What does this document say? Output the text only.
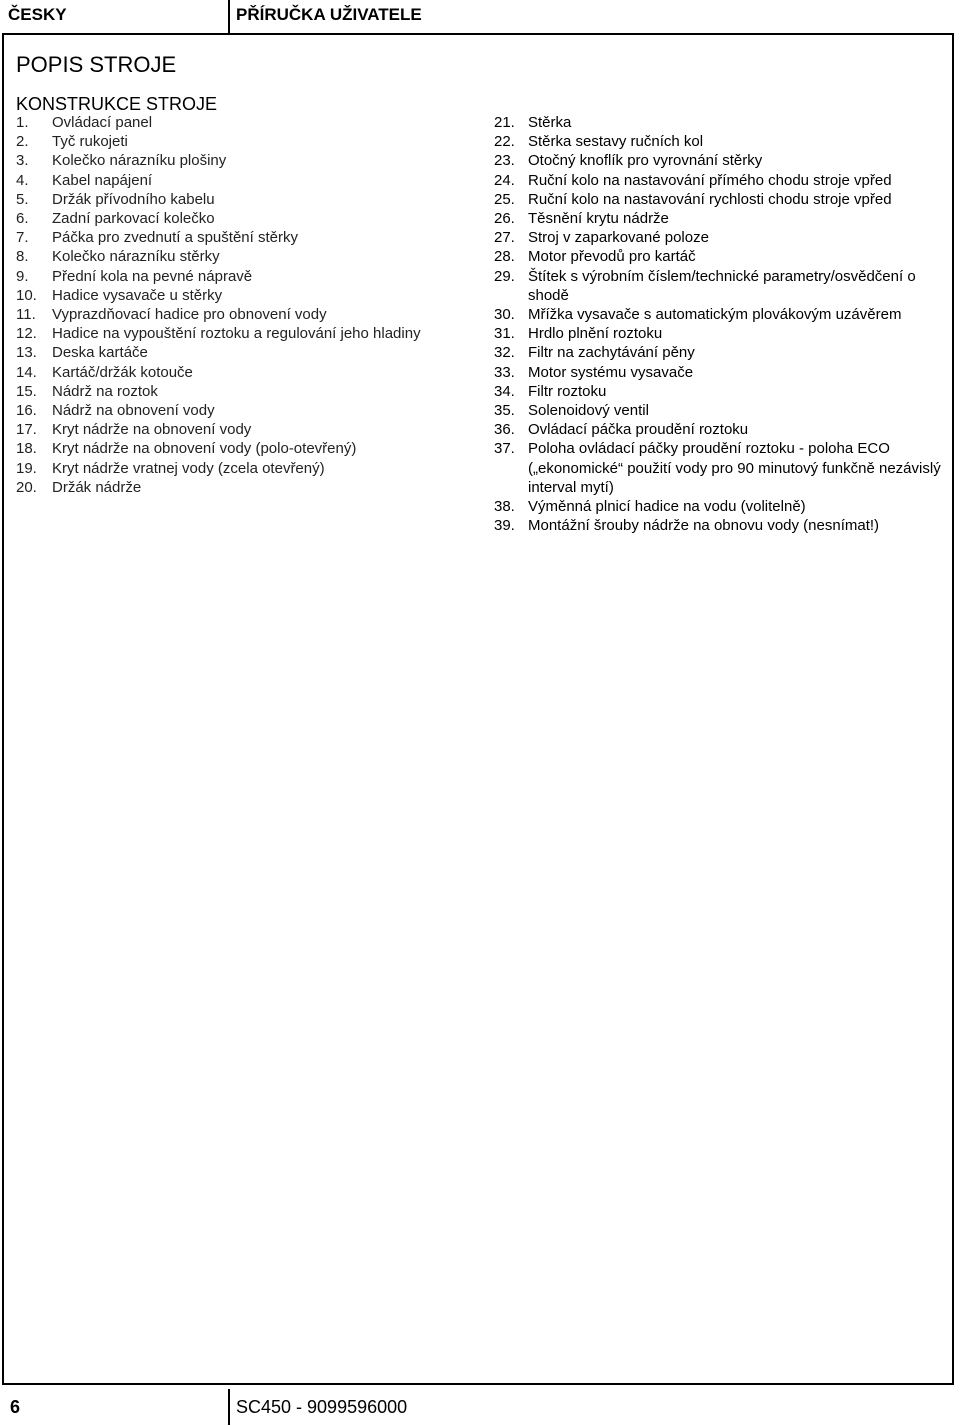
ČESKY	PŘÍRUČKA UŽIVATELE
POPIS STROJE
KONSTRUKCE STROJE
1. Ovládací panel
2. Tyč rukojeti
3. Kolečko nárazníku plošiny
4. Kabel napájení
5. Držák přívodního kabelu
6. Zadní parkovací kolečko
7. Páčka pro zvednutí a spuštění stěrky
8. Kolečko nárazníku stěrky
9. Přední kola na pevné nápravě
10. Hadice vysavače u stěrky
11. Vyprazdňovací hadice pro obnovení vody
12. Hadice na vypouštění roztoku a regulování jeho hladiny
13. Deska kartáče
14. Kartáč/držák kotouče
15. Nádrž na roztok
16. Nádrž na obnovení vody
17. Kryt nádrže na obnovení vody
18. Kryt nádrže na obnovení vody (polo-otevřený)
19. Kryt nádrže vratnej vody (zcela otevřený)
20. Držák nádrže
21. Stěrka
22. Stěrka sestavy ručních kol
23. Otočný knoflík pro vyrovnání stěrky
24. Ruční kolo na nastavování přímého chodu stroje vpřed
25. Ruční kolo na nastavování rychlosti chodu stroje vpřed
26. Těsnění krytu nádrže
27. Stroj v zaparkované poloze
28. Motor převodů pro kartáč
29. Štítek s výrobním číslem/technické parametry/osvědčení o shodě
30. Mřížka vysavače s automatickým plovákovým uzávěrem
31. Hrdlo plnění roztoku
32. Filtr na zachytávání pěny
33. Motor systému vysavače
34. Filtr roztoku
35. Solenoidový ventil
36. Ovládací páčka proudění roztoku
37. Poloha ovládací páčky proudění roztoku - poloha ECO („ekonomické“ použití vody pro 90 minutový funkčně nezávislý interval mytí)
38. Výměnná plnicí hadice na vodu (volitelně)
39. Montážní šrouby nádrže na obnovu vody (nesnímat!)
6	SC450 - 9099596000
